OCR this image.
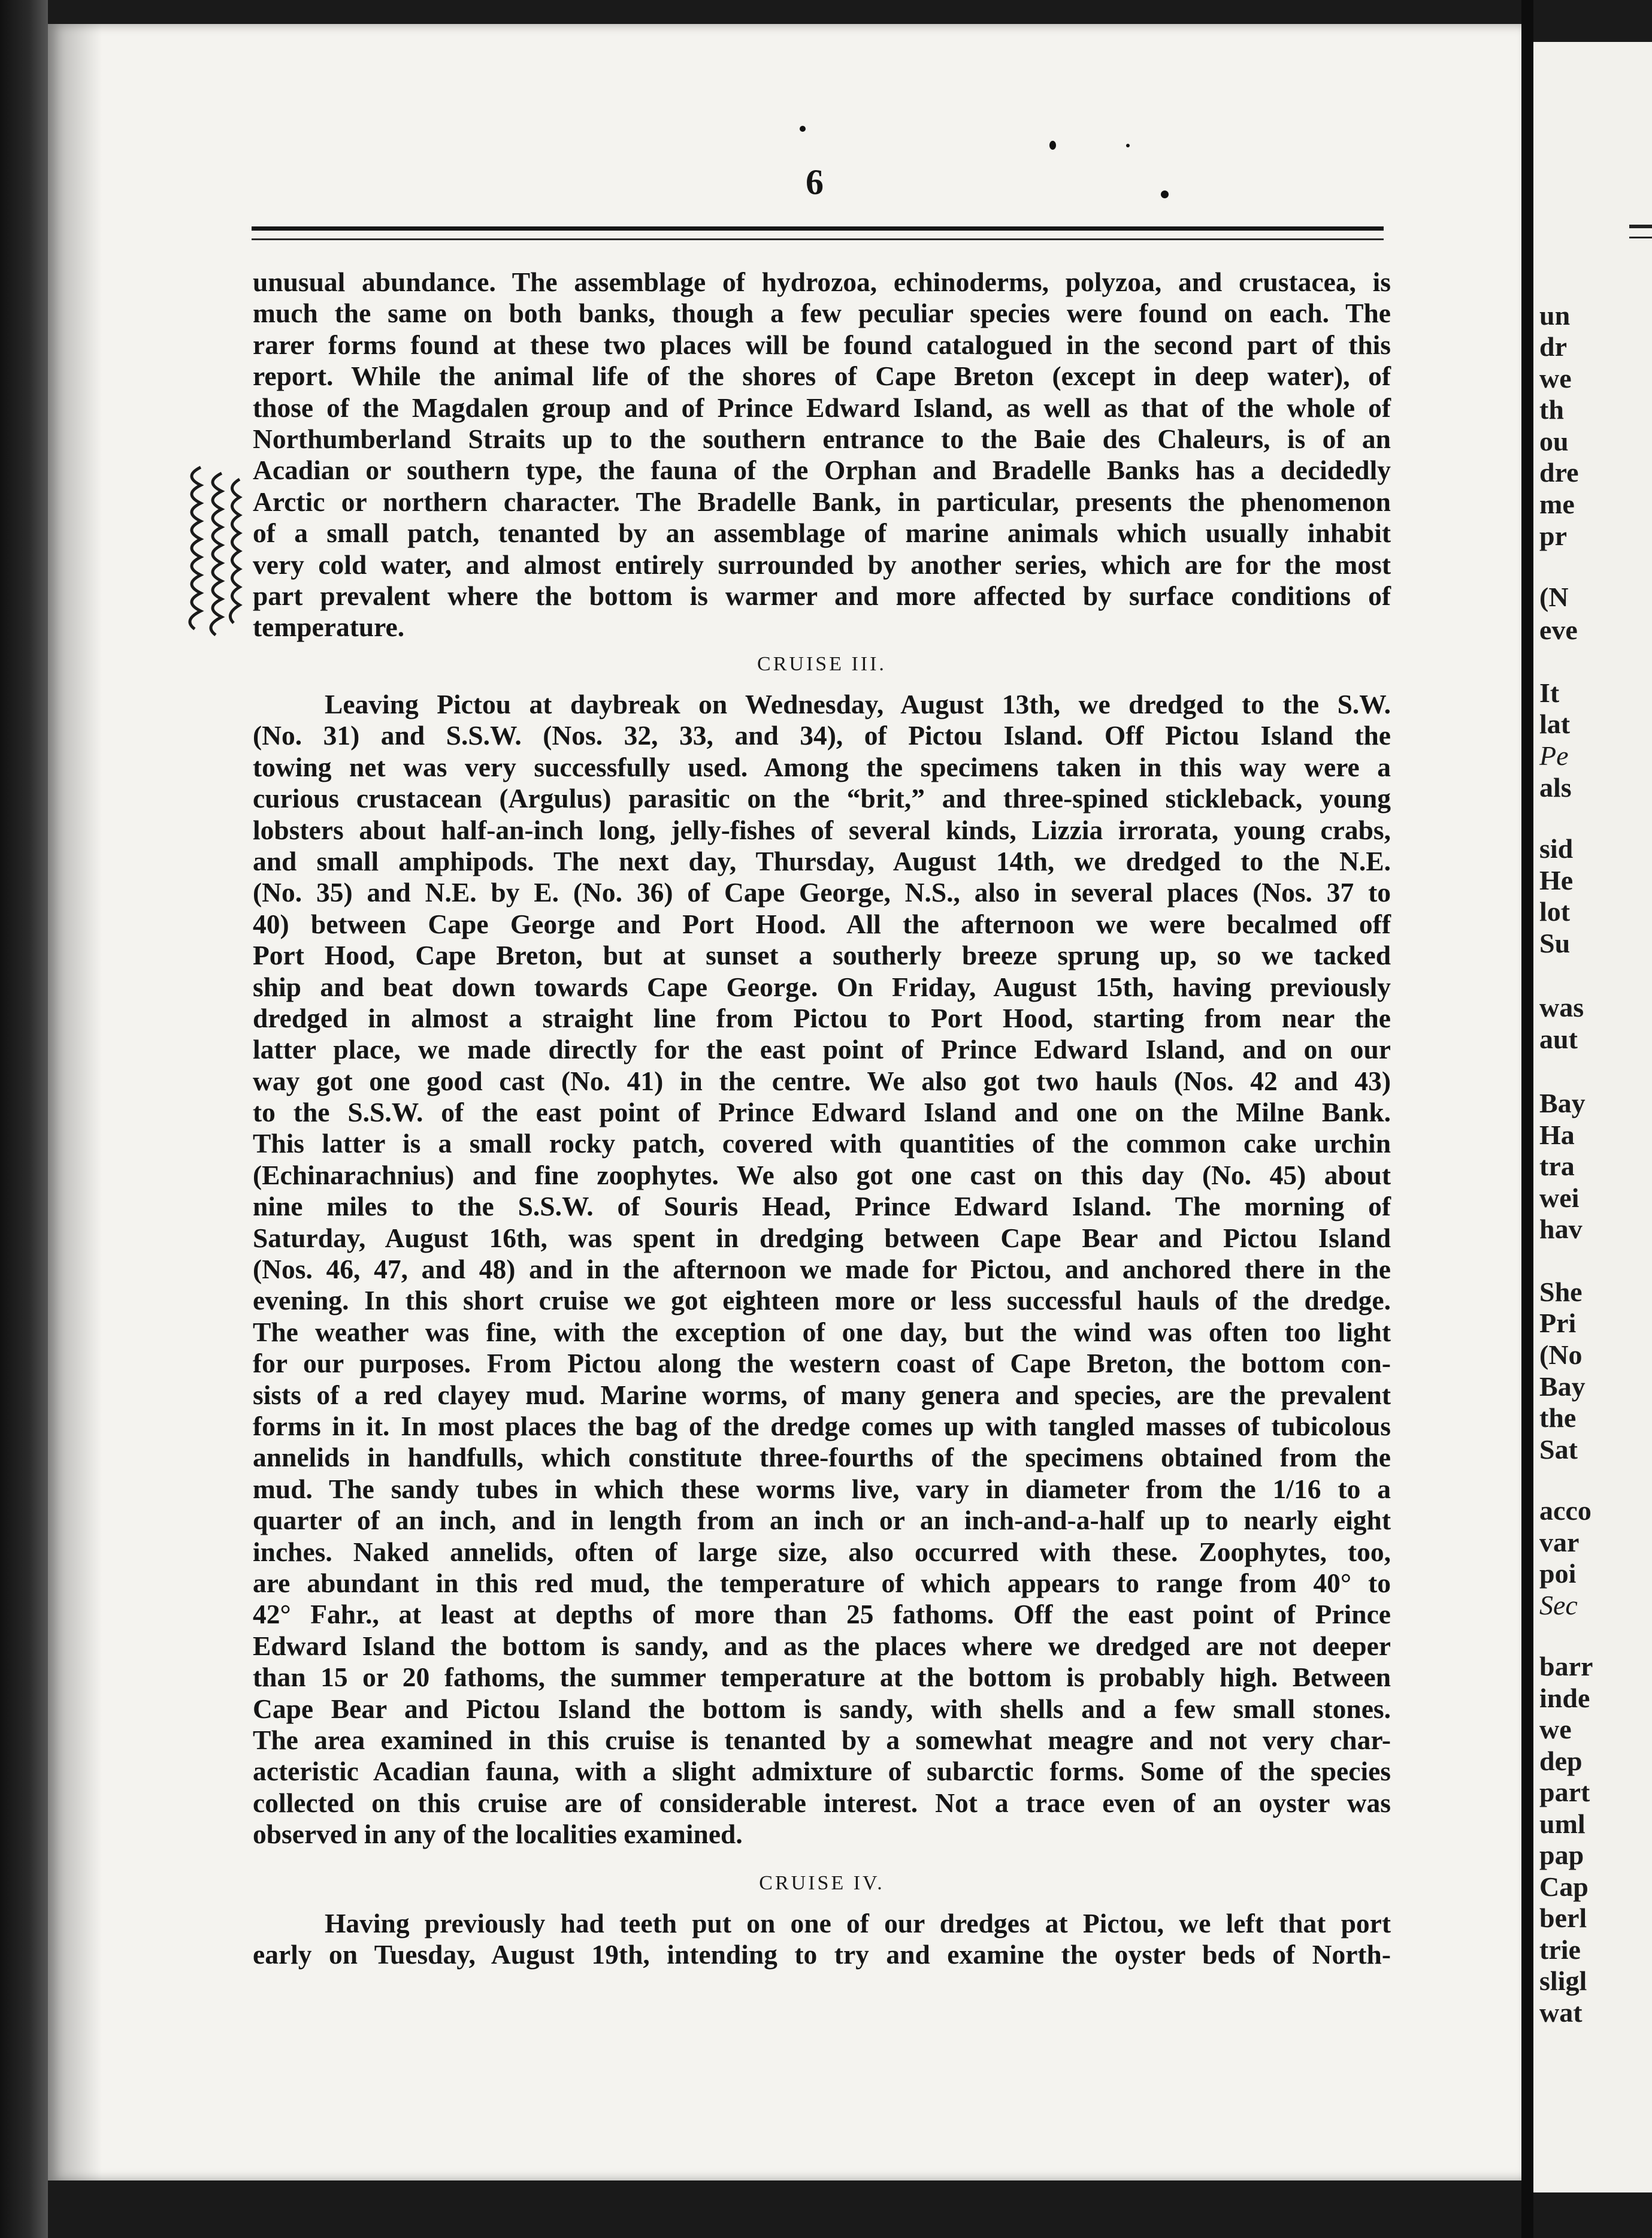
un
dr
we
th
ou
dre
me
pr
(N
eve
It
lat
Pe
als
sid
He
lot
Su
was
aut
Bay
Ha
tra
wei
hav
She
Pri
(No
Bay
the
Sat
acco
var
poi
Sec
barr
inde
we
dep
part
uml
pap
Cap
berl
trie
sligl
wat
6
unusual abundance. The assemblage of hydrozoa, echinoderms, polyzoa, and crustacea, is
much the same on both banks, though a few peculiar species were found on each. The
rarer forms found at these two places will be found catalogued in the second part of this
report. While the animal life of the shores of Cape Breton (except in deep water), of
those of the Magdalen group and of Prince Edward Island, as well as that of the whole of
Northumberland Straits up to the southern entrance to the Baie des Chaleurs, is of an
Acadian or southern type, the fauna of the Orphan and Bradelle Banks has a decidedly
Arctic or northern character. The Bradelle Bank, in particular, presents the phenomenon
of a small patch, tenanted by an assemblage of marine animals which usually inhabit
very cold water, and almost entirely surrounded by another series, which are for the most
part prevalent where the bottom is warmer and more affected by surface conditions of
temperature.
CRUISE III.
Leaving Pictou at daybreak on Wednesday, August 13th, we dredged to the S.W.
(No. 31) and S.S.W. (Nos. 32, 33, and 34), of Pictou Island. Off Pictou Island the
towing net was very successfully used. Among the specimens taken in this way were a
curious crustacean (Argulus) parasitic on the “brit,” and three-spined stickleback, young
lobsters about half-an-inch long, jelly-fishes of several kinds, Lizzia irrorata, young crabs,
and small amphipods. The next day, Thursday, August 14th, we dredged to the N.E.
(No. 35) and N.E. by E. (No. 36) of Cape George, N.S., also in several places (Nos. 37 to
40) between Cape George and Port Hood. All the afternoon we were becalmed off
Port Hood, Cape Breton, but at sunset a southerly breeze sprung up, so we tacked
ship and beat down towards Cape George. On Friday, August 15th, having previously
dredged in almost a straight line from Pictou to Port Hood, starting from near the
latter place, we made directly for the east point of Prince Edward Island, and on our
way got one good cast (No. 41) in the centre. We also got two hauls (Nos. 42 and 43)
to the S.S.W. of the east point of Prince Edward Island and one on the Milne Bank.
This latter is a small rocky patch, covered with quantities of the common cake urchin
(Echinarachnius) and fine zoophytes. We also got one cast on this day (No. 45) about
nine miles to the S.S.W. of Souris Head, Prince Edward Island. The morning of
Saturday, August 16th, was spent in dredging between Cape Bear and Pictou Island
(Nos. 46, 47, and 48) and in the afternoon we made for Pictou, and anchored there in the
evening. In this short cruise we got eighteen more or less successful hauls of the dredge.
The weather was fine, with the exception of one day, but the wind was often too light
for our purposes. From Pictou along the western coast of Cape Breton, the bottom con-
sists of a red clayey mud. Marine worms, of many genera and species, are the prevalent
forms in it. In most places the bag of the dredge comes up with tangled masses of tubicolous
annelids in handfulls, which constitute three-fourths of the specimens obtained from the
mud. The sandy tubes in which these worms live, vary in diameter from the 1/16 to a
quarter of an inch, and in length from an inch or an inch-and-a-half up to nearly eight
inches. Naked annelids, often of large size, also occurred with these. Zoophytes, too,
are abundant in this red mud, the temperature of which appears to range from 40° to
42° Fahr., at least at depths of more than 25 fathoms. Off the east point of Prince
Edward Island the bottom is sandy, and as the places where we dredged are not deeper
than 15 or 20 fathoms, the summer temperature at the bottom is probably high. Between
Cape Bear and Pictou Island the bottom is sandy, with shells and a few small stones.
The area examined in this cruise is tenanted by a somewhat meagre and not very char-
acteristic Acadian fauna, with a slight admixture of subarctic forms. Some of the species
collected on this cruise are of considerable interest. Not a trace even of an oyster was
observed in any of the localities examined.
CRUISE IV.
Having previously had teeth put on one of our dredges at Pictou, we left that port
early on Tuesday, August 19th, intending to try and examine the oyster beds of North-
